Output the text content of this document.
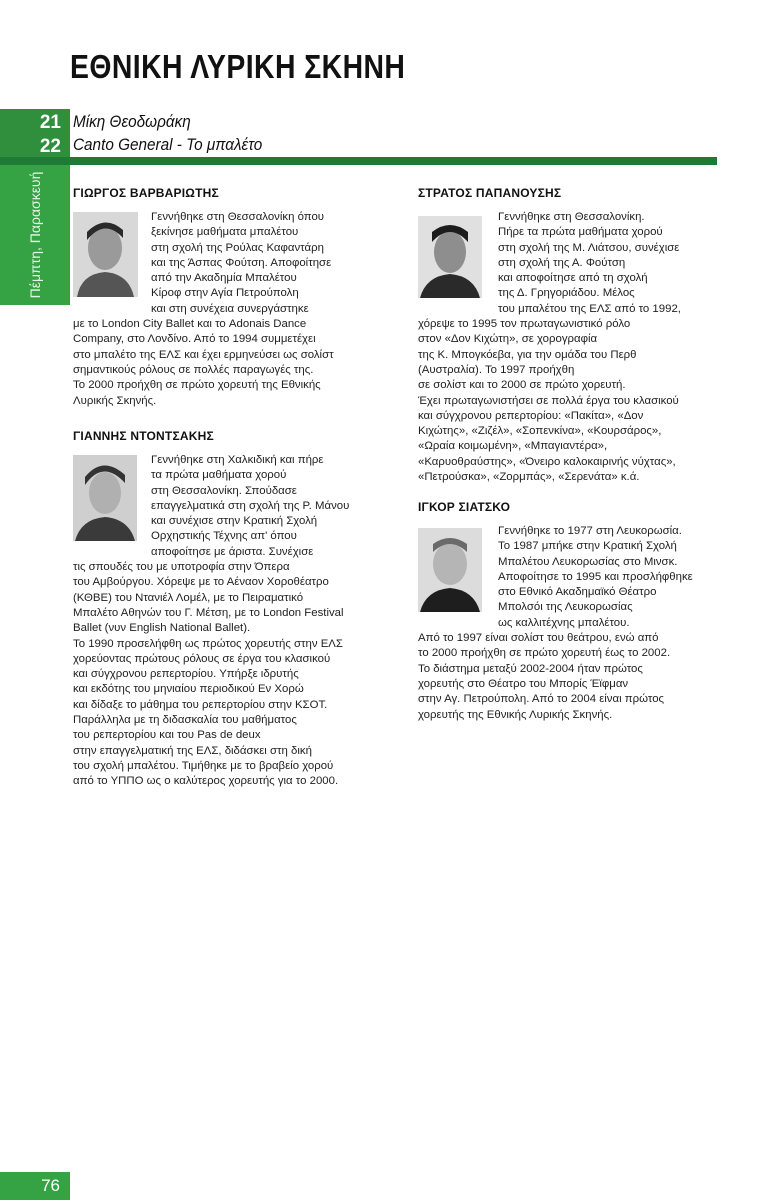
ΕΘΝΙΚΗ ΛΥΡΙΚΗ ΣΚΗΝΗ
21
22
Μίκη Θεοδωράκη
Canto General - Το μπαλέτο
Πέμπτη, Παρασκευή	ΓΙΩΡΓΟΣ ΒΑΡΒΑΡΙΩΤΗΣ
Γεννήθηκε στη Θεσσαλονίκη όπου
ξεκίνησε μαθήματα μπαλέτου
στη σχολή της Ρούλας Καφαντάρη
και της Άσπας Φούτση. Αποφοίτησε
από την Ακαδημία Μπαλέτου
Κίροφ στην Αγία Πετρούπολη
και στη συνέχεια συνεργάστηκε
με το London City Ballet και το Adonais Dance
Company, στο Λονδίνο. Από το 1994 συμμετέχει
στο μπαλέτο της ΕΛΣ και έχει ερμηνεύσει ως σολίστ
σημαντικούς ρόλους σε πολλές παραγωγές της.
Το 2000 προήχθη σε πρώτο χορευτή της Εθνικής
Λυρικής Σκηνής.
ΓΙΑΝΝΗΣ ΝΤΟΝΤΣΑΚΗΣ
Γεννήθηκε στη Χαλκιδική και πήρε
τα πρώτα μαθήματα χορού
στη Θεσσαλονίκη. Σπούδασε
επαγγελματικά στη σχολή της Ρ. Μάνου
και συνέχισε στην Κρατική Σχολή
Ορχηστικής Τέχνης απ' όπου
αποφοίτησε με άριστα. Συνέχισε
τις σπουδές του με υποτροφία στην Όπερα
του Αμβούργου. Χόρεψε με το Αέναον Χοροθέατρο
(ΚΘΒΕ) του Ντανιέλ Λομέλ, με το Πειραματικό
Μπαλέτο Αθηνών του Γ. Μέτση, με το London Festival
Ballet (νυν English National Ballet).
Το 1990 προσελήφθη ως πρώτος χορευτής στην ΕΛΣ
χορεύοντας πρώτους ρόλους σε έργα του κλασικού
και σύγχρονου ρεπερτορίου. Υπήρξε ιδρυτής
και εκδότης του μηνιαίου περιοδικού Εν Χορώ
και δίδαξε το μάθημα του ρεπερτορίου στην ΚΣΟΤ.
Παράλληλα με τη διδασκαλία του μαθήματος
του ρεπερτορίου και του Pas de deux
στην επαγγελματική της ΕΛΣ, διδάσκει στη δική
του σχολή μπαλέτου. Τιμήθηκε με το βραβείο χορού
από το ΥΠΠΟ ως ο καλύτερος χορευτής για το 2000.
ΣΤΡΑΤΟΣ ΠΑΠΑΝΟΥΣΗΣ
Γεννήθηκε στη Θεσσαλονίκη.
Πήρε τα πρώτα μαθήματα χορού
στη σχολή της Μ. Λιάτσου, συνέχισε
στη σχολή της Α. Φούτση
και αποφοίτησε από τη σχολή
της Δ. Γρηγοριάδου. Μέλος
του μπαλέτου της ΕΛΣ από το 1992,
χόρεψε το 1995 τον πρωταγωνιστικό ρόλο
στον «Δον Κιχώτη», σε χορογραφία
της Κ. Μπογκόεβα, για την ομάδα του Περθ
(Αυστραλία). Το 1997 προήχθη
σε σολίστ και το 2000 σε πρώτο χορευτή.
Έχει πρωταγωνιστήσει σε πολλά έργα του κλασικού
και σύγχρονου ρεπερτορίου: «Πακίτα», «Δον
Κιχώτης», «Ζιζέλ», «Σοπενκίνα», «Κουρσάρος»,
«Ωραία κοιμωμένη», «Μπαγιαντέρα»,
«Καρυοθραύστης», «Όνειρο καλοκαιρινής νύχτας»,
«Πετρούσκα», «Ζορμπάς», «Σερενάτα» κ.ά.
ΙΓΚΟΡ ΣΙΑΤΣΚΟ
Γεννήθηκε το 1977 στη Λευκορωσία.
Το 1987 μπήκε στην Κρατική Σχολή
Μπαλέτου Λευκορωσίας στο Μινσκ.
Αποφοίτησε το 1995 και προσλήφθηκε
στο Εθνικό Ακαδημαϊκό Θέατρο
Μπολσόι της Λευκορωσίας
ως καλλιτέχνης μπαλέτου.
Από το 1997 είναι σολίστ του θεάτρου, ενώ από
το 2000 προήχθη σε πρώτο χορευτή έως το 2002.
Το διάστημα μεταξύ 2002-2004 ήταν πρώτος
χορευτής στο Θέατρο του Μπορίς Έϊφμαν
στην Αγ. Πετρούπολη. Από το 2004 είναι πρώτος
χορευτής της Εθνικής Λυρικής Σκηνής.
76
